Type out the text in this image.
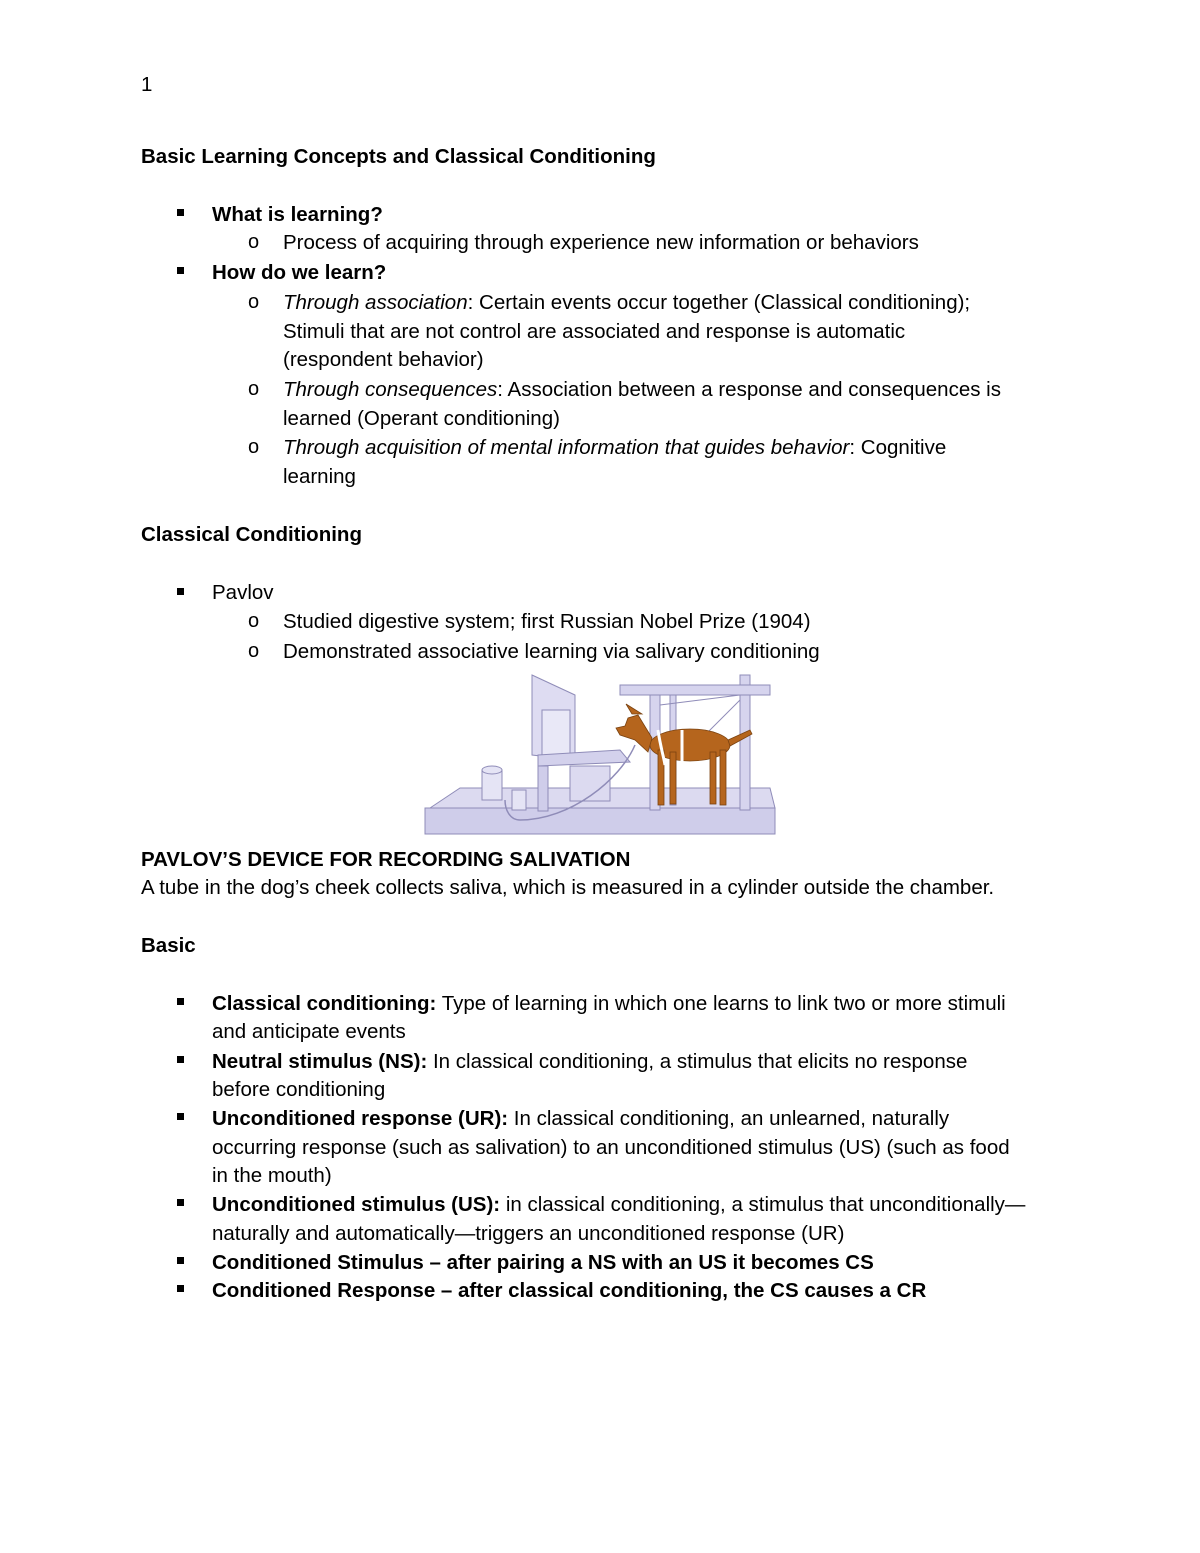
1
Basic Learning Concepts and Classical Conditioning
What is learning?
o Process of acquiring through experience new information or behaviors
How do we learn?
o Through association: Certain events occur together (Classical conditioning);
Stimuli that are not control are associated and response is automatic
(respondent behavior)
o Through consequences: Association between a response and consequences is
learned (Operant conditioning)
o Through acquisition of mental information that guides behavior: Cognitive
learning
Classical Conditioning
Pavlov
o Studied digestive system; first Russian Nobel Prize (1904)
o Demonstrated associative learning via salivary conditioning
PAVLOV’S DEVICE FOR RECORDING SALIVATION
A tube in the dog’s cheek collects saliva, which is measured in a cylinder outside the chamber.
Basic
Classical conditioning: Type of learning in which one learns to link two or more stimuli
and anticipate events
Neutral stimulus (NS): In classical conditioning, a stimulus that elicits no response
before conditioning
Unconditioned response (UR): In classical conditioning, an unlearned, naturally
occurring response (such as salivation) to an unconditioned stimulus (US) (such as food
in the mouth)
Unconditioned stimulus (US): in classical conditioning, a stimulus that unconditionally—
naturally and automatically—triggers an unconditioned response (UR)
Conditioned Stimulus – after pairing a NS with an US it becomes CS
Conditioned Response – after classical conditioning, the CS causes a CR
